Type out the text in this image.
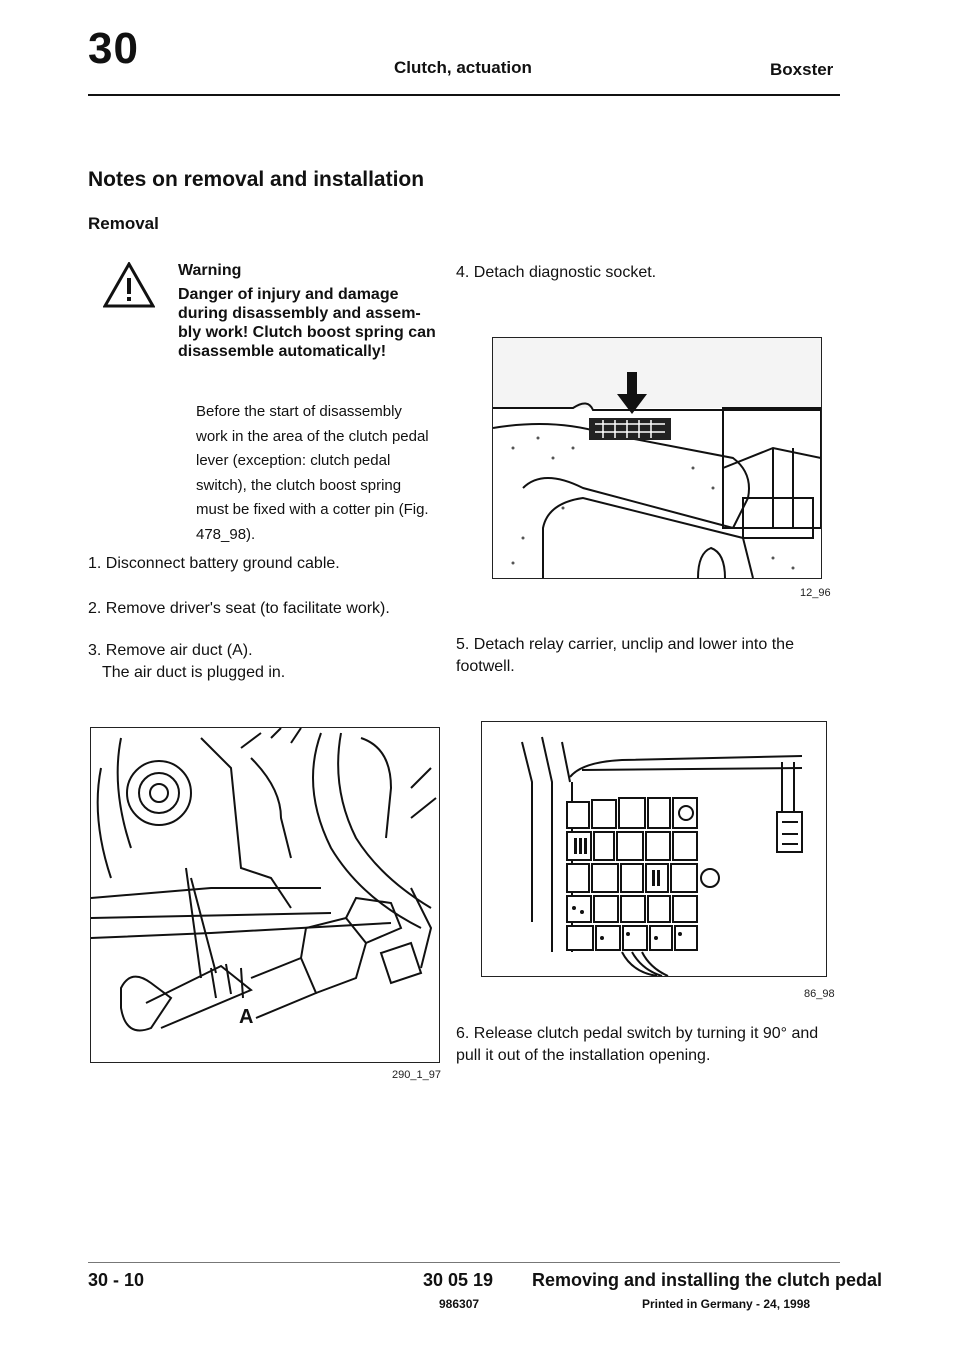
30	Clutch, actuation	Boxster
Notes on removal and installation
Removal
Warning
Danger of injury and damage during disassembly and assem-bly work! Clutch boost spring can disassemble automatically!
Before the start of disassembly work in the area of the clutch pedal lever (exception: clutch pedal switch), the clutch boost spring must be fixed with a cotter pin (Fig. 478_98).
1. Disconnect battery ground cable.
2. Remove driver's seat (to facilitate work).
3. Remove air duct (A).
The air duct is plugged in.
A
290_1_97
4. Detach diagnostic socket.
12_96
5. Detach relay carrier, unclip and lower into the footwell.
86_98
6. Release clutch pedal switch by turning it 90° and pull it out of the installation opening.
30 - 10	30 05 19 Removing and installing the clutch pedal
986307	Printed in Germany - 24, 1998
